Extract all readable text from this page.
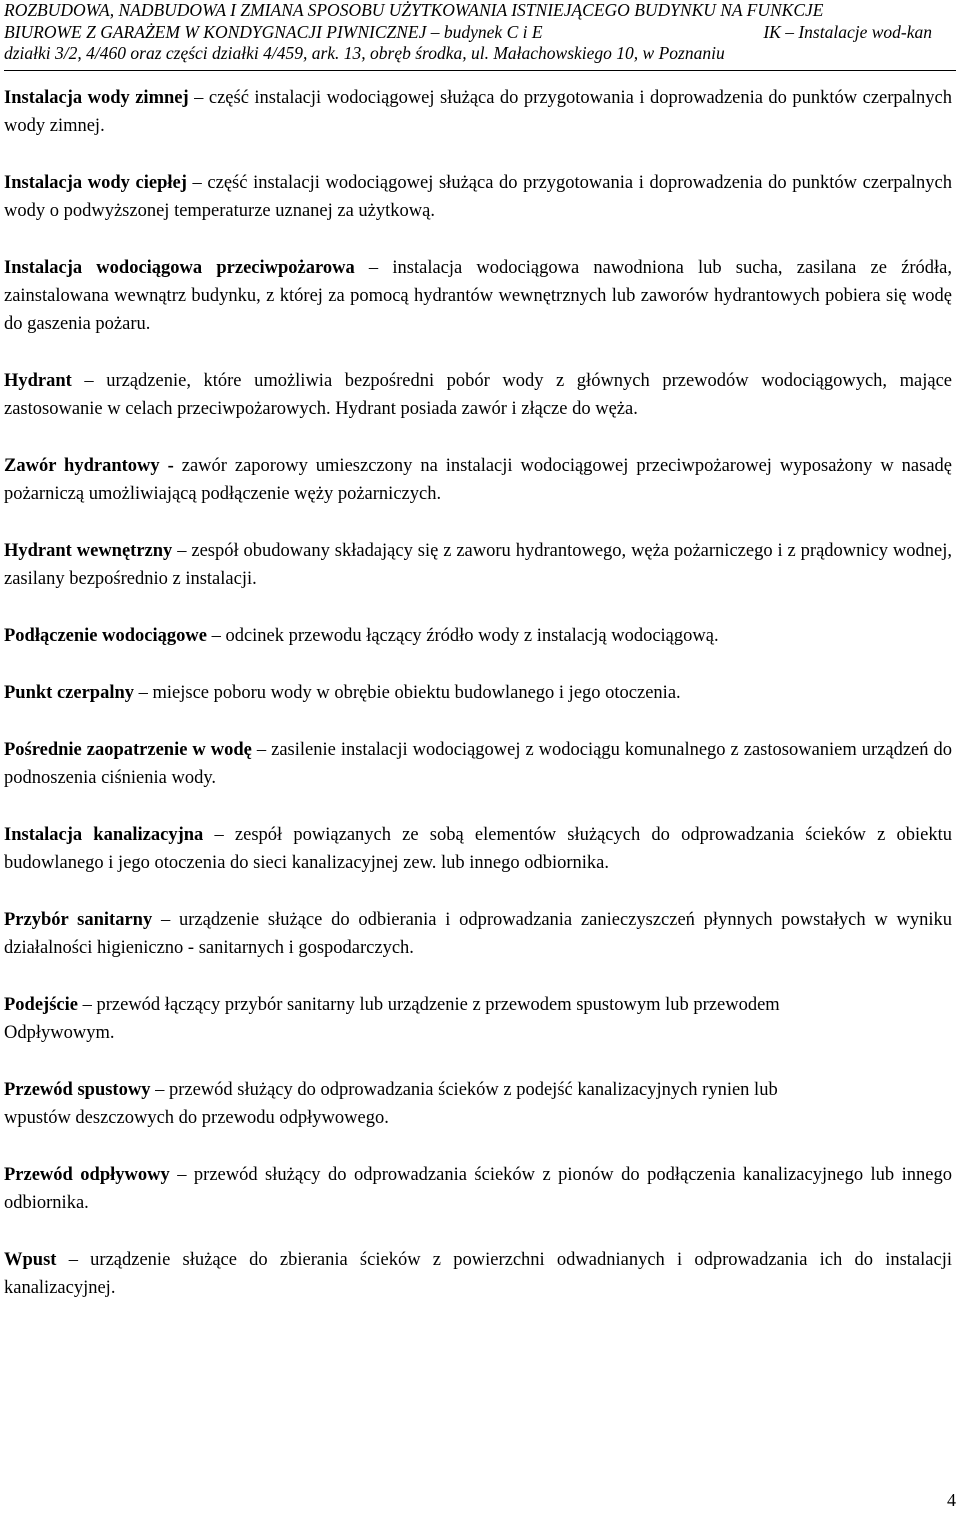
ROZBUDOWA, NADBUDOWA I ZMIANA SPOSOBU UŻYTKOWANIA ISTNIEJĄCEGO BUDYNKU NA FUNKCJE
BIUROWE Z GARAŻEM W KONDYGNACJI PIWNICZNEJ – budynek C i E	IK – Instalacje wod-kan
działki 3/2, 4/460 oraz części działki 4/459, ark. 13, obręb środka, ul. Małachowskiego 10, w Poznaniu

Instalacja wody zimnej – część instalacji wodociągowej służąca do przygotowania i doprowadzenia do punktów czerpalnych wody zimnej.

Instalacja wody ciepłej – część instalacji wodociągowej służąca do przygotowania i doprowadzenia do punktów czerpalnych wody o podwyższonej temperaturze uznanej za użytkową.

Instalacja wodociągowa przeciwpożarowa – instalacja wodociągowa nawodniona lub sucha, zasilana ze źródła, zainstalowana wewnątrz budynku, z której za pomocą hydrantów wewnętrznych lub zaworów hydrantowych pobiera się wodę do gaszenia pożaru.

Hydrant – urządzenie, które umożliwia bezpośredni pobór wody z głównych przewodów wodociągowych, mające zastosowanie w celach przeciwpożarowych. Hydrant posiada zawór i złącze do węża.

Zawór hydrantowy - zawór zaporowy umieszczony na instalacji wodociągowej przeciwpożarowej wyposażony w nasadę pożarniczą umożliwiającą podłączenie węży pożarniczych.

Hydrant wewnętrzny – zespół obudowany składający się z zaworu hydrantowego, węża pożarniczego i z prądownicy wodnej, zasilany bezpośrednio z instalacji.

Podłączenie wodociągowe – odcinek przewodu łączący źródło wody z instalacją wodociągową.

Punkt czerpalny – miejsce poboru wody w obrębie obiektu budowlanego i jego otoczenia.

Pośrednie zaopatrzenie w wodę – zasilenie instalacji wodociągowej z wodociągu komunalnego z zastosowaniem urządzeń do podnoszenia ciśnienia wody.

Instalacja kanalizacyjna – zespół powiązanych ze sobą elementów służących do odprowadzania ścieków z obiektu budowlanego i jego otoczenia do sieci kanalizacyjnej zew. lub innego odbiornika.

Przybór sanitarny – urządzenie służące do odbierania i odprowadzania zanieczyszczeń płynnych powstałych w wyniku działalności higieniczno - sanitarnych i gospodarczych.

Podejście – przewód łączący przybór sanitarny lub urządzenie z przewodem spustowym lub przewodem
Odpływowym.

Przewód spustowy – przewód służący do odprowadzania ścieków z podejść kanalizacyjnych rynien lub
wpustów deszczowych do przewodu odpływowego.

Przewód odpływowy – przewód służący do odprowadzania ścieków z pionów do podłączenia kanalizacyjnego lub innego odbiornika.

Wpust – urządzenie służące do zbierania ścieków z powierzchni odwadnianych i odprowadzania ich do instalacji kanalizacyjnej.

4
